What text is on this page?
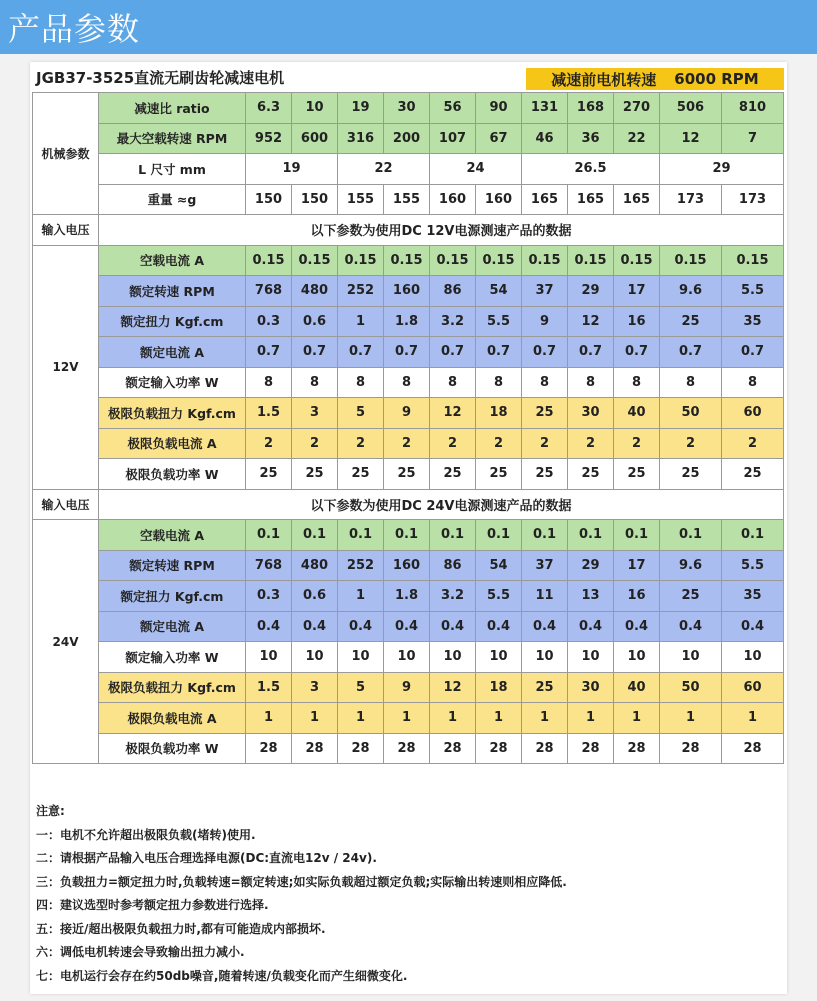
产品参数
JGB37-3525直流无刷齿轮减速电机	减速前电机转速 6000 RPM
机械参数	减速比 ratio	6.3	10	19	30	56	90	131	168	270	506	810
	最大空载转速 RPM	952	600	316	200	107	67	46	36	22	12	7
	L 尺寸 mm	19		22		24		26.5			29	
	重量 ≈g	150	150	155	155	160	160	165	165	165	173	173
输入电压	以下参数为使用DC 12V电源测速产品的数据											
12V	空载电流 A	0.15	0.15	0.15	0.15	0.15	0.15	0.15	0.15	0.15	0.15	0.15
	额定转速 RPM	768	480	252	160	86	54	37	29	17	9.6	5.5
	额定扭力 Kgf.cm	0.3	0.6	1	1.8	3.2	5.5	9	12	16	25	35
	额定电流 A	0.7	0.7	0.7	0.7	0.7	0.7	0.7	0.7	0.7	0.7	0.7
	额定输入功率 W	8	8	8	8	8	8	8	8	8	8	8
	极限负载扭力 Kgf.cm	1.5	3	5	9	12	18	25	30	40	50	60
	极限负载电流 A	2	2	2	2	2	2	2	2	2	2	2
	极限负载功率 W	25	25	25	25	25	25	25	25	25	25	25
输入电压	以下参数为使用DC 24V电源测速产品的数据											
24V	空载电流 A	0.1	0.1	0.1	0.1	0.1	0.1	0.1	0.1	0.1	0.1	0.1
	额定转速 RPM	768	480	252	160	86	54	37	29	17	9.6	5.5
	额定扭力 Kgf.cm	0.3	0.6	1	1.8	3.2	5.5	11	13	16	25	35
	额定电流 A	0.4	0.4	0.4	0.4	0.4	0.4	0.4	0.4	0.4	0.4	0.4
	额定输入功率 W	10	10	10	10	10	10	10	10	10	10	10
	极限负载扭力 Kgf.cm	1.5	3	5	9	12	18	25	30	40	50	60
	极限负载电流 A	1	1	1	1	1	1	1	1	1	1	1
	极限负载功率 W	28	28	28	28	28	28	28	28	28	28	28
注意:
一：电机不允许超出极限负载(堵转)使用.
二：请根据产品输入电压合理选择电源(DC:直流电12v / 24v).
三：负载扭力=额定扭力时,负载转速=额定转速;如实际负载超过额定负载;实际输出转速则相应降低.
四：建议选型时参考额定扭力参数进行选择.
五：接近/超出极限负载扭力时,都有可能造成内部损坏.
六：调低电机转速会导致输出扭力减小.
七：电机运行会存在约50db噪音,随着转速/负载变化而产生细微变化.
